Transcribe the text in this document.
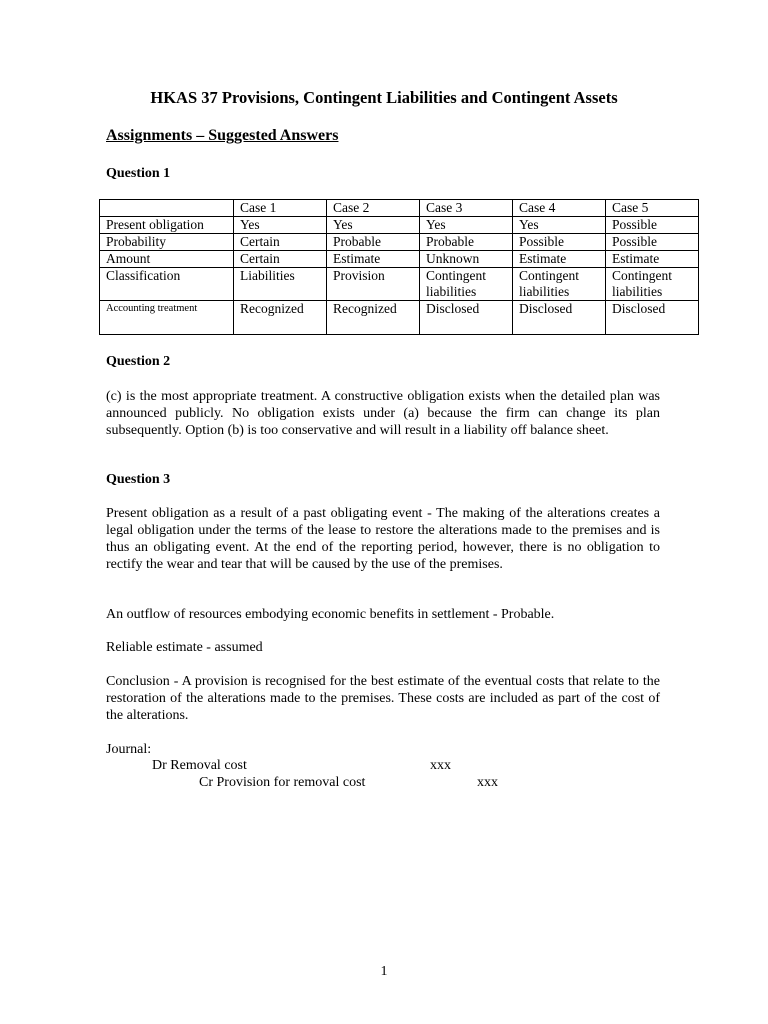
HKAS 37 Provisions, Contingent Liabilities and Contingent Assets
Assignments – Suggested Answers
Question 1
	Case 1	Case 2	Case 3	Case 4	Case 5
Present obligation	Yes	Yes	Yes	Yes	Possible
Probability	Certain	Probable	Probable	Possible	Possible
Amount	Certain	Estimate	Unknown	Estimate	Estimate
Classification	Liabilities	Provision	Contingent liabilities	Contingent liabilities	Contingent liabilities
Accounting treatment	Recognized	Recognized	Disclosed	Disclosed	Disclosed
Question 2
(c) is the most appropriate treatment. A constructive obligation exists when the detailed plan was announced publicly. No obligation exists under (a) because the firm can change its plan subsequently. Option (b) is too conservative and will result in a liability off balance sheet.
Question 3
Present obligation as a result of a past obligating event - The making of the alterations creates a legal obligation under the terms of the lease to restore the alterations made to the premises and is thus an obligating event. At the end of the reporting period, however, there is no obligation to rectify the wear and tear that will be caused by the use of the premises.
An outflow of resources embodying economic benefits in settlement - Probable.
Reliable estimate - assumed
Conclusion - A provision is recognised for the best estimate of the eventual costs that relate to the restoration of the alterations made to the premises. These costs are included as part of the cost of the alterations.
Journal:
Dr Removal cost	xxx
Cr Provision for removal cost	xxx
1
